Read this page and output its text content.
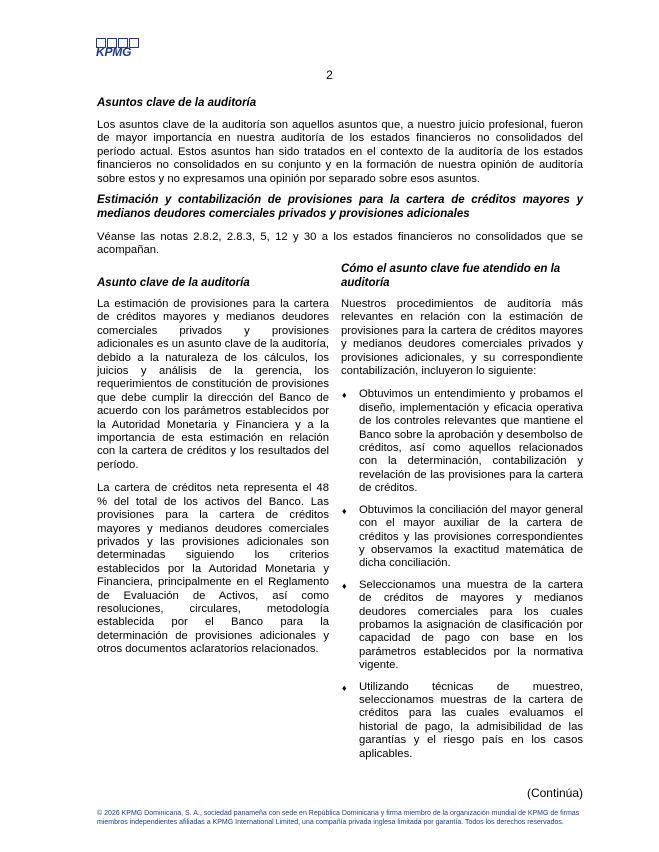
KPMG
2
Asuntos clave de la auditoría

Los asuntos clave de la auditoría son aquellos asuntos que, a nuestro juicio profesional, fueron de mayor importancia en nuestra auditoría de los estados financieros no consolidados del período actual. Estos asuntos han sido tratados en el contexto de la auditoría de los estados financieros no consolidados en su conjunto y en la formación de nuestra opinión de auditoría sobre estos y no expresamos una opinión por separado sobre esos asuntos.

Estimación y contabilización de provisiones para la cartera de créditos mayores y medianos deudores comerciales privados y provisiones adicionales

Véanse las notas 2.8.2, 2.8.3, 5, 12 y 30 a los estados financieros no consolidados que se acompañan.

Asunto clave de la auditoría

La estimación de provisiones para la cartera de créditos mayores y medianos deudores comerciales privados y provisiones adicionales es un asunto clave de la auditoría, debido a la naturaleza de los cálculos, los juicios y análisis de la gerencia, los requerimientos de constitución de provisiones que debe cumplir la dirección del Banco de acuerdo con los parámetros establecidos por la Autoridad Monetaria y Financiera y a la importancia de esta estimación en relación con la cartera de créditos y los resultados del período.

La cartera de créditos neta representa el 48 % del total de los activos del Banco. Las provisiones para la cartera de créditos mayores y medianos deudores comerciales privados y las provisiones adicionales son determinadas siguiendo los criterios establecidos por la Autoridad Monetaria y Financiera, principalmente en el Reglamento de Evaluación de Activos, así como resoluciones, circulares, metodología establecida por el Banco para la determinación de provisiones adicionales y otros documentos aclaratorios relacionados.

Cómo el asunto clave fue atendido en la auditoría

Nuestros procedimientos de auditoría más relevantes en relación con la estimación de provisiones para la cartera de créditos mayores y medianos deudores comerciales privados y provisiones adicionales, y su correspondiente contabilización, incluyeron lo siguiente:

♦ Obtuvimos un entendimiento y probamos el diseño, implementación y eficacia operativa de los controles relevantes que mantiene el Banco sobre la aprobación y desembolso de créditos, así como aquellos relacionados con la determinación, contabilización y revelación de las provisiones para la cartera de créditos.
♦ Obtuvimos la conciliación del mayor general con el mayor auxiliar de la cartera de créditos y las provisiones correspondientes y observamos la exactitud matemática de dicha conciliación.
♦ Seleccionamos una muestra de la cartera de créditos de mayores y medianos deudores comerciales para los cuales probamos la asignación de clasificación por capacidad de pago con base en los parámetros establecidos por la normativa vigente.
♦ Utilizando técnicas de muestreo, seleccionamos muestras de la cartera de créditos para las cuales evaluamos el historial de pago, la admisibilidad de las garantías y el riesgo país en los casos aplicables.
(Continúa)
© 2026 KPMG Dominicana, S. A., sociedad panameña con sede en República Dominicana y firma miembro de la organización mundial de KPMG de firmas miembros independientes afiliadas a KPMG International Limited, una compañía privada inglesa limitada por garantía. Todos los derechos reservados.
